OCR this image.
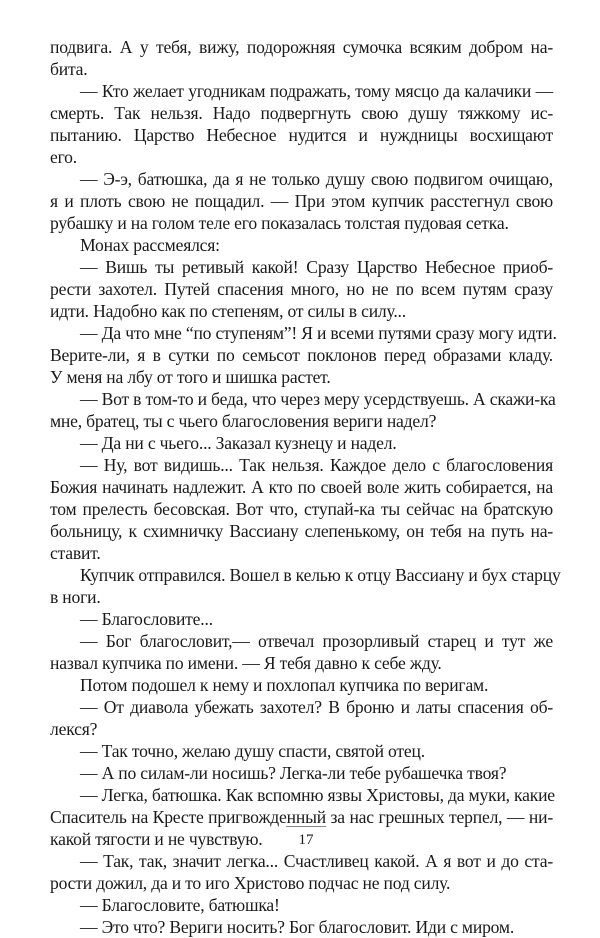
подвига. А у тебя, вижу, подорожняя сумочка всяким добром на-
бита.
— Кто желает угодникам подражать, тому мясцо да калачики —
смерть. Так нельзя. Надо подвергнуть свою душу тяжкому ис-
пытанию. Царство Небесное нудится и нуждницы восхищают
его.
— Э-э, батюшка, да я не только душу свою подвигом очищаю,
я и плоть свою не пощадил. — При этом купчик расстегнул свою
рубашку и на голом теле его показалась толстая пудовая сетка.
Монах рассмеялся:
— Вишь ты ретивый какой! Сразу Царство Небесное приоб-
рести захотел. Путей спасения много, но не по всем путям сразу
идти. Надобно как по степеням, от силы в силу...
— Да что мне “по ступеням”! Я и всеми путями сразу могу идти.
Верите-ли, я в сутки по семьсот поклонов перед образами кладу.
У меня на лбу от того и шишка растет.
— Вот в том-то и беда, что через меру усердствуешь. А скажи-ка
мне, братец, ты с чьего благословения вериги надел?
— Да ни с чьего... Заказал кузнецу и надел.
— Ну, вот видишь... Так нельзя. Каждое дело с благословения
Божия начинать надлежит. А кто по своей воле жить собирается, на
том прелесть бесовская. Вот что, ступай-ка ты сейчас на братскую
больницу, к схимничку Вассиану слепенькому, он тебя на путь на-
ставит.
Купчик отправился. Вошел в келью к отцу Вассиану и бух старцу
в ноги.
— Благословите...
— Бог благословит,— отвечал прозорливый старец и тут же
назвал купчика по имени. — Я тебя давно к себе жду.
Потом подошел к нему и похлопал купчика по веригам.
— От диавола убежать захотел? В броню и латы спасения об-
лекся?
— Так точно, желаю душу спасти, святой отец.
— А по силам-ли носишь? Легка-ли тебе рубашечка твоя?
— Легка, батюшка. Как вспомню язвы Христовы, да муки, какие
Спаситель на Кресте пригвожденный за нас грешных терпел, — ни-
какой тягости и не чувствую.
— Так, так, значит легка... Счастливец какой. А я вот и до ста-
рости дожил, да и то иго Христово подчас не под силу.
— Благословите, батюшка!
— Это что? Вериги носить? Бог благословит. Иди с миром.
17
